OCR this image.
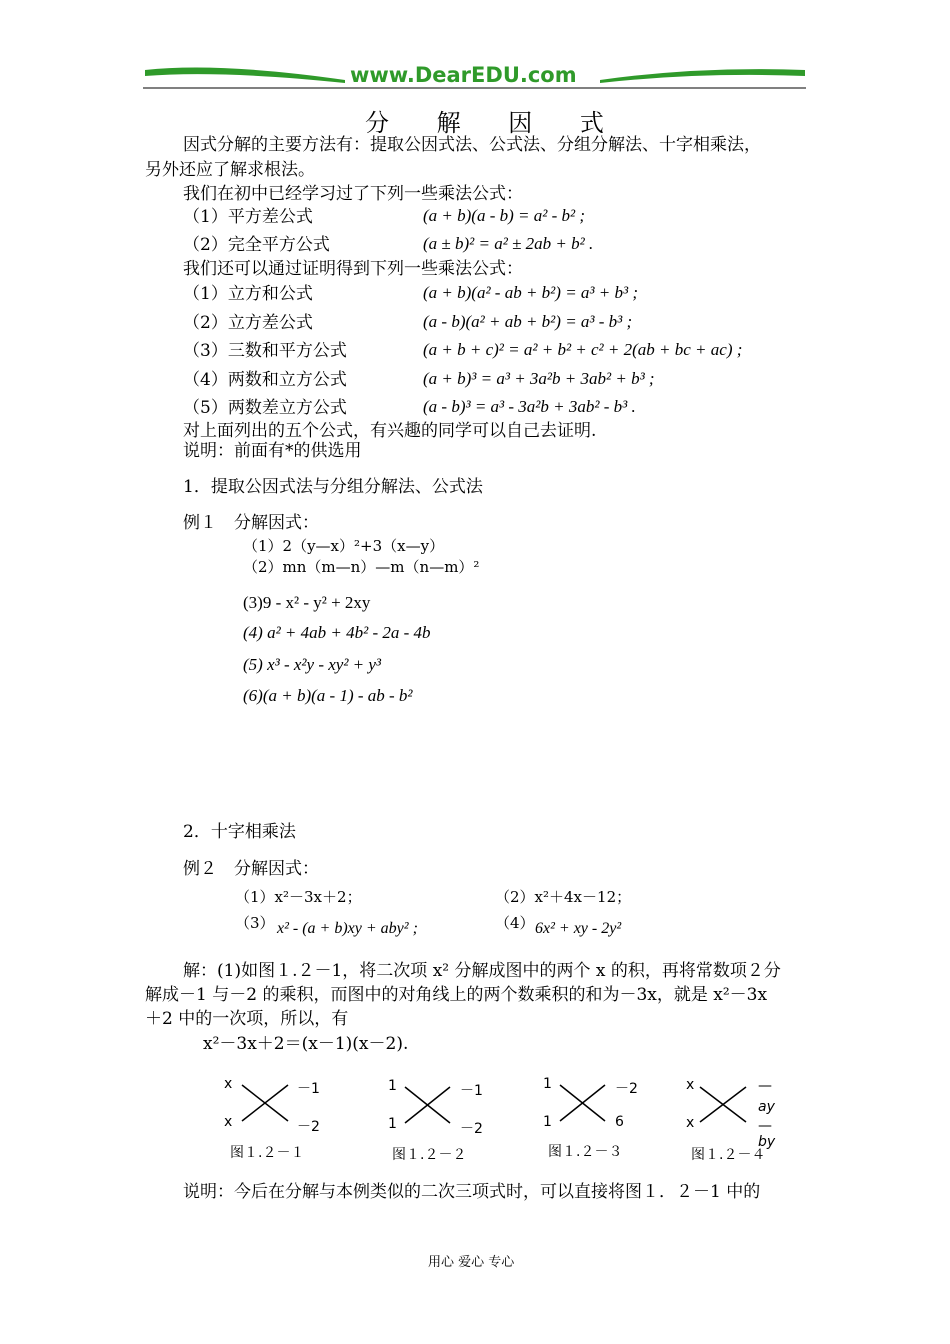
www.DearEDU.com
分 解 因 式
因式分解的主要方法有：提取公因式法、公式法、分组分解法、十字相乘法，
另外还应了解求根法。
我们在初中已经学习过了下列一些乘法公式：
（1）平方差公式	(a + b)(a - b) = a² - b² ;
（2）完全平方公式	(a ± b)² = a² ± 2ab + b² .
我们还可以通过证明得到下列一些乘法公式：
（1）立方和公式	(a + b)(a² - ab + b²) = a³ + b³ ;
（2）立方差公式	(a - b)(a² + ab + b²) = a³ - b³ ;
（3）三数和平方公式	(a + b + c)² = a² + b² + c² + 2(ab + bc + ac) ;
（4）两数和立方公式	(a + b)³ = a³ + 3a²b + 3ab² + b³ ;
（5）两数差立方公式	(a - b)³ = a³ - 3a²b + 3ab² - b³ .
对上面列出的五个公式，有兴趣的同学可以自己去证明.
说明：前面有*的供选用
1．提取公因式法与分组分解法、公式法
例１　分解因式：
（1）2（y—x）²+3（x—y）
（2）mn（m—n）—m（n—m）²
(3)9 - x² - y² + 2xy
(4) a² + 4ab + 4b² - 2a - 4b
(5) x³ - x²y - xy² + y³
(6)(a + b)(a - 1) - ab - b²
2．十字相乘法
例２　分解因式：
（1）x²－3x＋2；	（2）x²＋4x－12；
（3） x² - (a + b)xy + aby² ;	（4） 6x² + xy - 2y²
解：(1)如图１.２－1，将二次项 x² 分解成图中的两个 x 的积，再将常数项２分
解成－1 与－2 的乘积，而图中的对角线上的两个数乘积的和为－3x，就是 x²－3x
＋2 中的一次项，所以，有
x²－3x＋2＝(x－1)(x－2).
x
x
－1
－2
图１.２－１
1
1
－1
－2
图１.２－２
1
1
－2
6
图１.２－３
x
x
—
ay
—
图１.２－４
by
说明：今后在分解与本例类似的二次三项式时，可以直接将图１．２－1 中的
用心 爱心 专心
